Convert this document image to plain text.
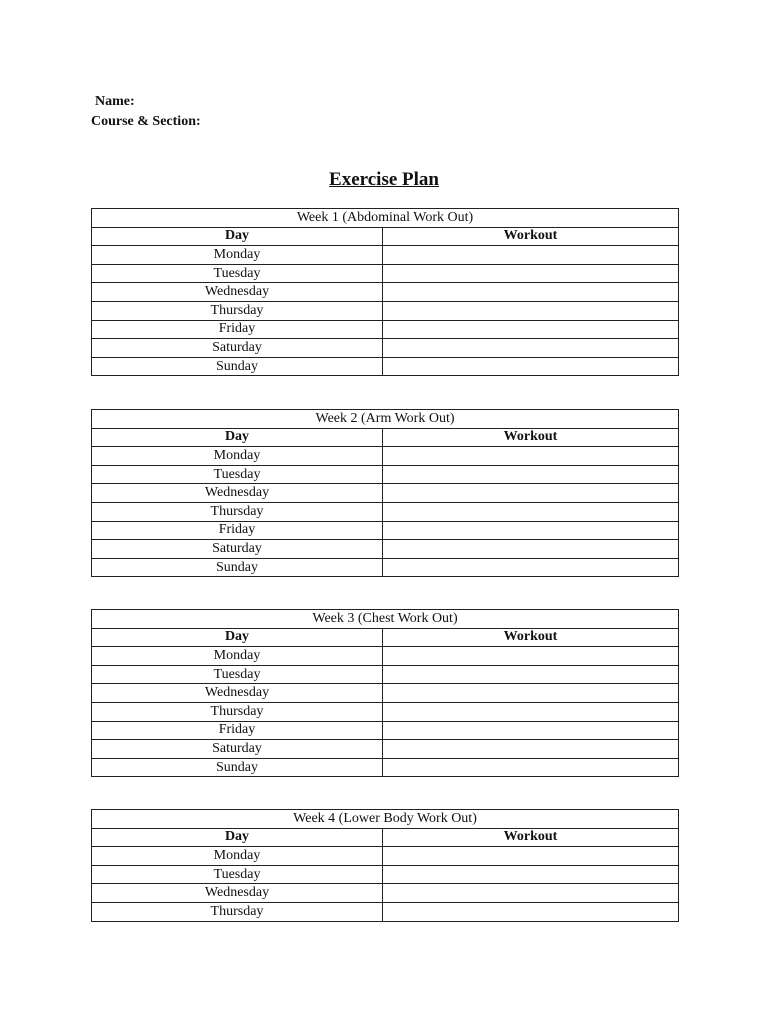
Name:
Course & Section:
Exercise Plan
Week 1 (Abdominal Work Out)	
Day	Workout
Monday	
Tuesday	
Wednesday	
Thursday	
Friday	
Saturday	
Sunday	
Week 2 (Arm Work Out)	
Day	Workout
Monday	
Tuesday	
Wednesday	
Thursday	
Friday	
Saturday	
Sunday	
Week 3 (Chest Work Out)	
Day	Workout
Monday	
Tuesday	
Wednesday	
Thursday	
Friday	
Saturday	
Sunday	
Week 4 (Lower Body Work Out)	
Day	Workout
Monday	
Tuesday	
Wednesday	
Thursday	
